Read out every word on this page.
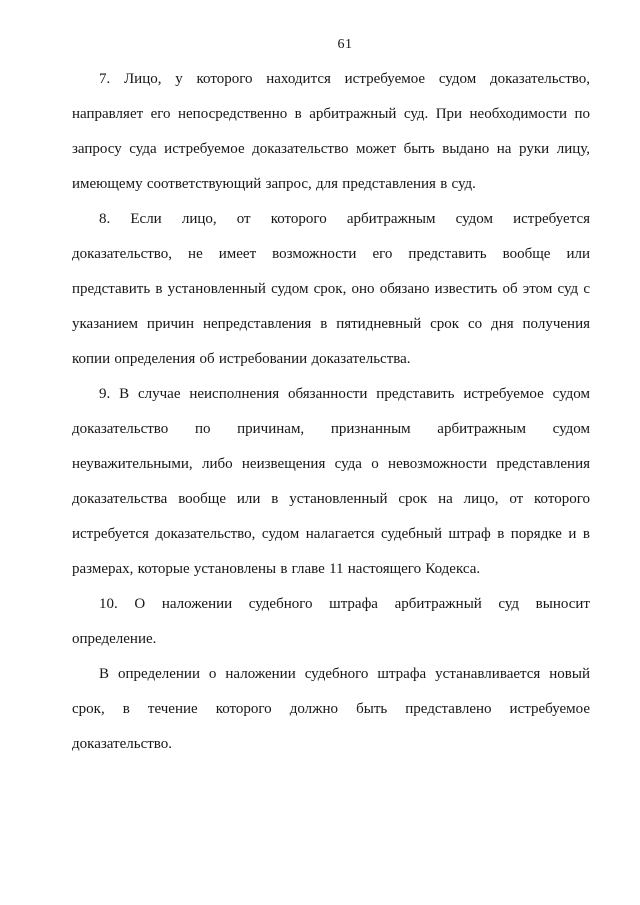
61
7. Лицо, у которого находится истребуемое судом доказательство,
направляет его непосредственно в арбитражный суд. При необходимости по
запросу суда истребуемое доказательство может быть выдано на руки лицу,
имеющему соответствующий запрос, для представления в суд.
8. Если лицо, от которого арбитражным судом истребуется
доказательство, не имеет возможности его представить вообще или
представить в установленный судом срок, оно обязано известить об этом суд с
указанием причин непредставления в пятидневный срок со дня получения
копии определения об истребовании доказательства.
9. В случае неисполнения обязанности представить истребуемое судом
доказательство по причинам, признанным арбитражным судом
неуважительными, либо неизвещения суда о невозможности представления
доказательства вообще или в установленный срок на лицо, от которого
истребуется доказательство, судом налагается судебный штраф в порядке и в
размерах, которые установлены в главе 11 настоящего Кодекса.
10. О наложении судебного штрафа арбитражный суд выносит
определение.
В определении о наложении судебного штрафа устанавливается новый
срок, в течение которого должно быть представлено истребуемое
доказательство.
